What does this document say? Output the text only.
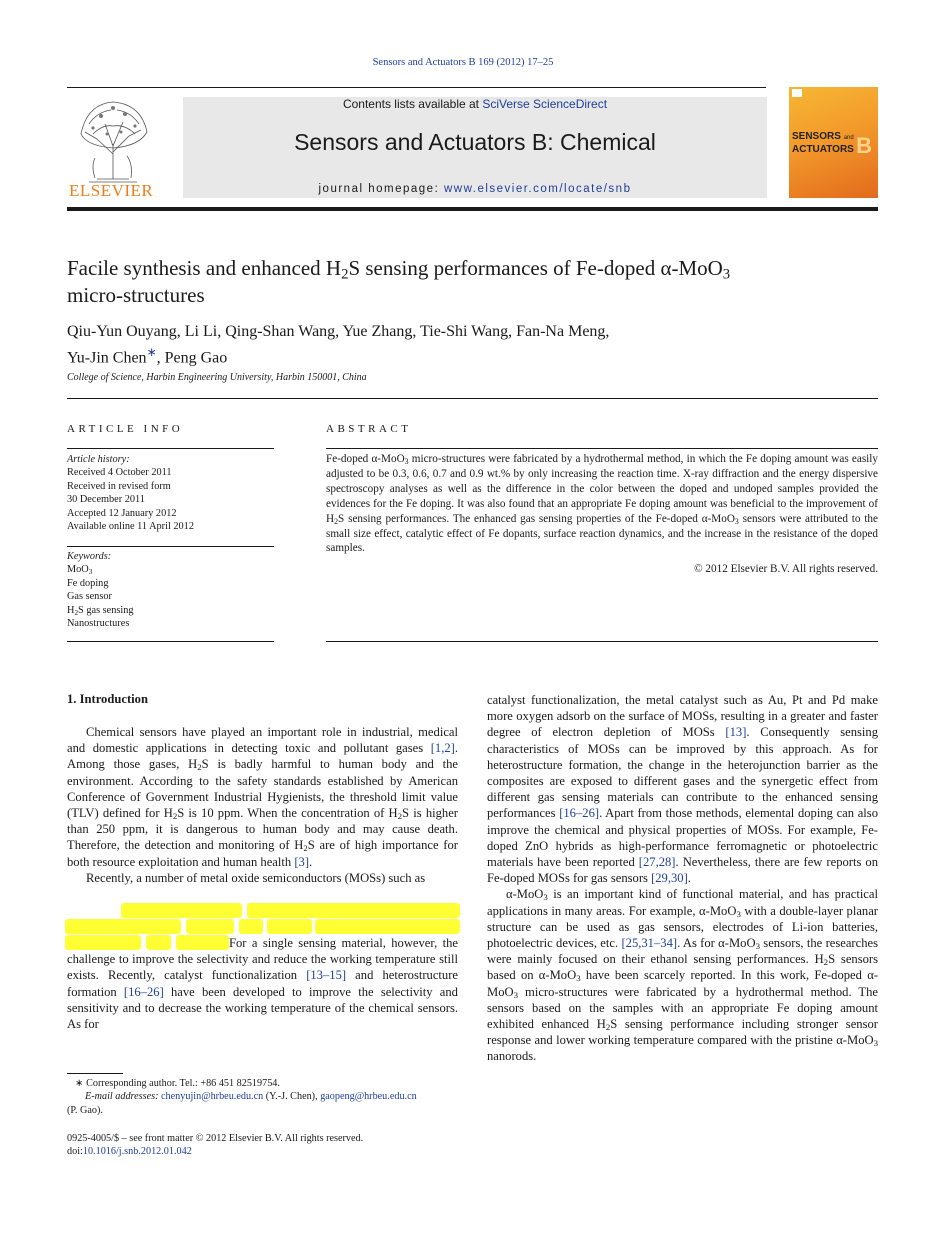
Sensors and Actuators B 169 (2012) 17–25
ELSEVIER
Contents lists available at SciVerse ScienceDirect
Sensors and Actuators B: Chemical
journal homepage: www.elsevier.com/locate/snb
SENSORS and
ACTUATORS B
Facile synthesis and enhanced $H_2S$ sensing performances of Fe-doped α-MoO$_3$
micro-structures
Qiu-Yun Ouyang, Li Li, Qing-Shan Wang, Yue Zhang, Tie-Shi Wang, Fan-Na Meng,
Yu-Jin Chen∗, Peng Gao
College of Science, Harbin Engineering University, Harbin 150001, China
ARTICLE INFO
Article history:
Received 4 October 2011
Received in revised form
30 December 2011
Accepted 12 January 2012
Available online 11 April 2012
Keywords:
MoO$_3$
Fe doping
Gas sensor
$H_2S$ gas sensing
Nanostructures
ABSTRACT
Fe-doped α-MoO$_3$ micro-structures were fabricated by a hydrothermal method, in which the Fe doping amount was easily adjusted to be 0.3, 0.6, 0.7 and 0.9 wt.% by only increasing the reaction time. X-ray diffraction and the energy dispersive spectroscopy analyses as well as the difference in the color between the doped and undoped samples provided the evidences for the Fe doping. It was also found that an appropriate Fe doping amount was beneficial to the improvement of $H_2S$ sensing performances. The enhanced gas sensing properties of the Fe-doped α-MoO$_3$ sensors were attributed to the small size effect, catalytic effect of Fe dopants, surface reaction dynamics, and the increase in the resistance of the doped samples.
© 2012 Elsevier B.V. All rights reserved.
1. Introduction

Chemical sensors have played an important role in industrial, medical and domestic applications in detecting toxic and pollutant gases [1,2]. Among those gases, $H_2S$ is badly harmful to human body and the environment. According to the safety standards established by American Conference of Government Industrial Hygienists, the threshold limit value (TLV) defined for $H_2S$ is 10 ppm. When the concentration of $H_2S$ is higher than 250 ppm, it is dangerous to human body and may cause death. Therefore, the detection and monitoring of $H_2S$ are of high importance for both resource exploitation and human health [3].

Recently, a number of metal oxide semiconductors (MOSs) such as

For a single sensing material, however, the challenge to improve the selectivity and reduce the working temperature still exists. Recently, catalyst functionalization [13–15] and heterostructure formation [16–26] have been developed to improve the selectivity and sensitivity and to decrease the working temperature of the chemical sensors. As for

catalyst functionalization, the metal catalyst such as Au, Pt and Pd make more oxygen adsorb on the surface of MOSs, resulting in a greater and faster degree of electron depletion of MOSs [13]. Consequently sensing characteristics of MOSs can be improved by this approach. As for heterostructure formation, the change in the heterojunction barrier as the composites are exposed to different gases and the synergetic effect from different gas sensing materials can contribute to the enhanced sensing performances [16–26]. Apart from those methods, elemental doping can also improve the chemical and physical properties of MOSs. For example, Fe-doped ZnO hybrids as high-performance ferromagnetic or photoelectric materials have been reported [27,28]. Nevertheless, there are few reports on Fe-doped MOSs for gas sensors [29,30].

α-MoO$_3$ is an important kind of functional material, and has practical applications in many areas. For example, α-MoO$_3$ with a double-layer planar structure can be used as gas sensors, electrodes of Li-ion batteries, photoelectric devices, etc. [25,31–34]. As for α-MoO$_3$ sensors, the researches were mainly focused on their ethanol sensing performances. $H_2S$ sensors based on α-MoO$_3$ have been scarcely reported. In this work, Fe-doped α-MoO$_3$ micro-structures were fabricated by a hydrothermal method. The sensors based on the samples with an appropriate Fe doping amount exhibited enhanced $H_2S$ sensing performance including stronger sensor response and lower working temperature compared with the pristine α-MoO$_3$ nanorods.

∗ Corresponding author. Tel.: +86 451 82519754.
E-mail addresses: chenyujin@hrbeu.edu.cn (Y.-J. Chen), gaopeng@hrbeu.edu.cn
(P. Gao).
0925-4005/$ – see front matter © 2012 Elsevier B.V. All rights reserved.
doi:10.1016/j.snb.2012.01.042
